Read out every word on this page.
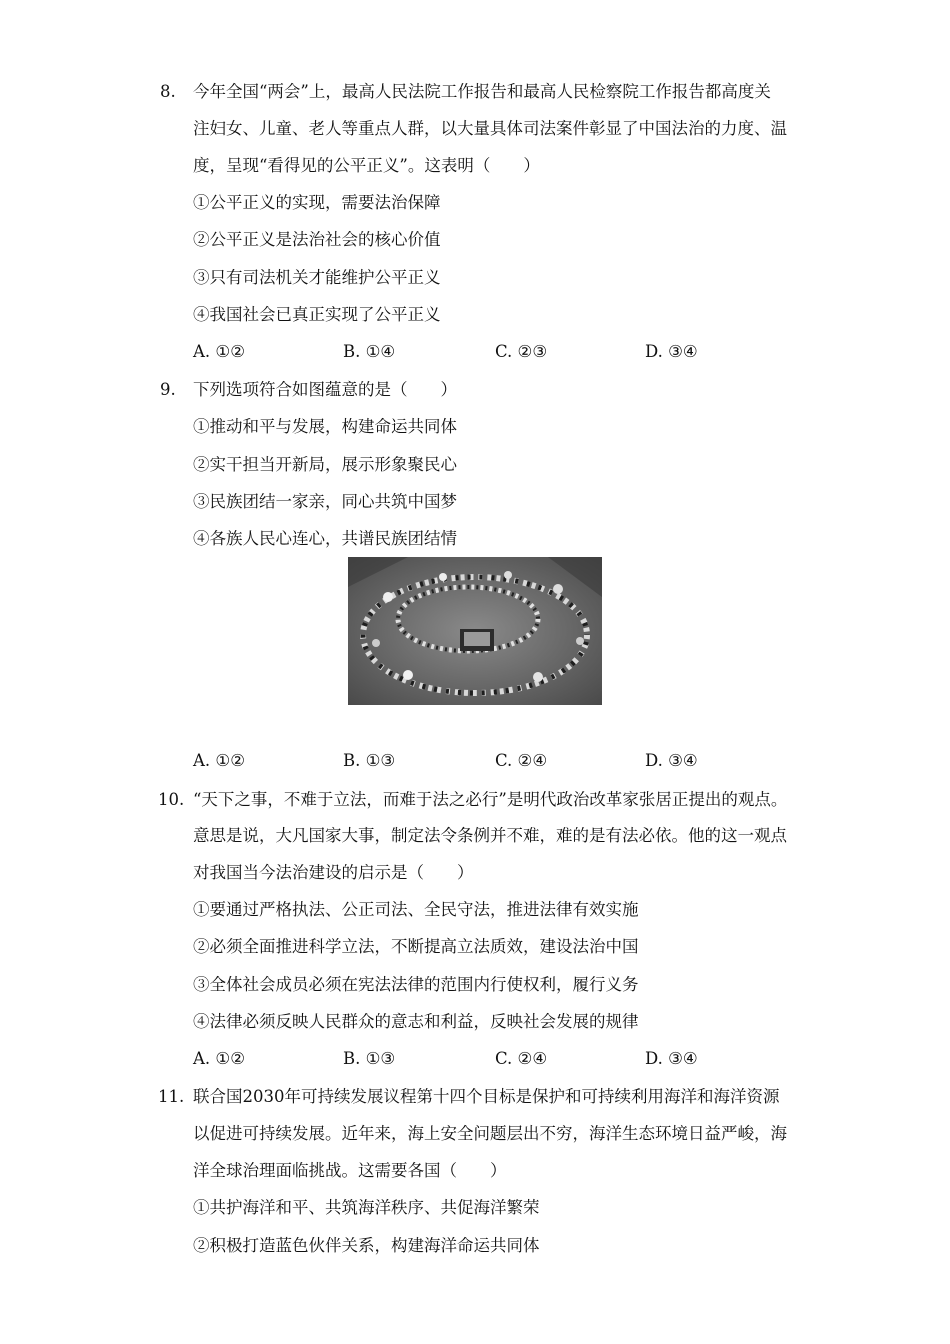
8. 今年全国“两会”上，最高人民法院工作报告和最高人民检察院工作报告都高度关
注妇女、儿童、老人等重点人群，以大量具体司法案件彰显了中国法治的力度、温
度，呈现“看得见的公平正义”。这表明（　　）
①公平正义的实现，需要法治保障
②公平正义是法治社会的核心价值
③只有司法机关才能维护公平正义
④我国社会已真正实现了公平正义
A. ①②	B. ①④	C. ②③	D. ③④
9. 下列选项符合如图蕴意的是（　　）
①推动和平与发展，构建命运共同体
②实干担当开新局，展示形象聚民心
③民族团结一家亲，同心共筑中国梦
④各族人民心连心，共谱民族团结情
A. ①②	B. ①③	C. ②④	D. ③④
10. “天下之事，不难于立法，而难于法之必行”是明代政治改革家张居正提出的观点。
意思是说，大凡国家大事，制定法令条例并不难，难的是有法必依。他的这一观点
对我国当今法治建设的启示是（　　）
①要通过严格执法、公正司法、全民守法，推进法律有效实施
②必须全面推进科学立法，不断提高立法质效，建设法治中国
③全体社会成员必须在宪法法律的范围内行使权利，履行义务
④法律必须反映人民群众的意志和利益，反映社会发展的规律
A. ①②	B. ①③	C. ②④	D. ③④
11. 联合国2030年可持续发展议程第十四个目标是保护和可持续利用海洋和海洋资源
以促进可持续发展。近年来，海上安全问题层出不穷，海洋生态环境日益严峻，海
洋全球治理面临挑战。这需要各国（　　）
①共护海洋和平、共筑海洋秩序、共促海洋繁荣
②积极打造蓝色伙伴关系，构建海洋命运共同体
